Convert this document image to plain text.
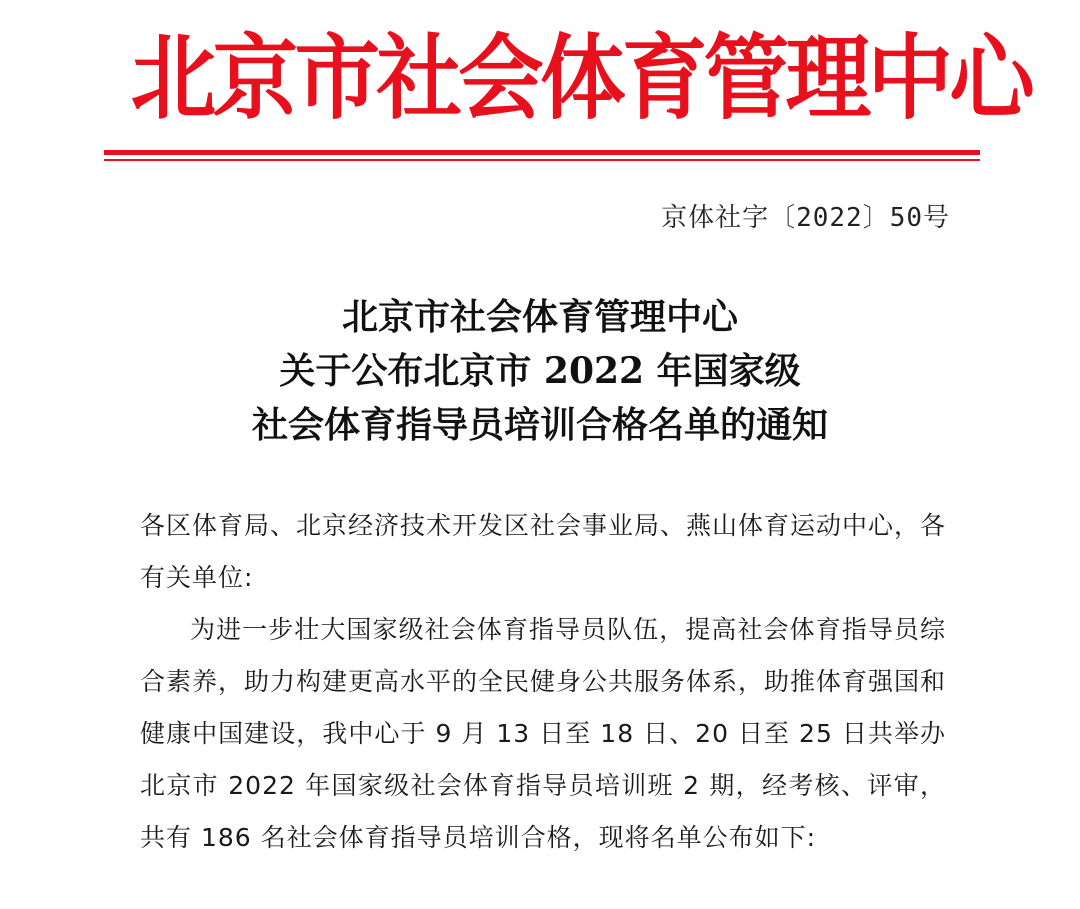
北京市社会体育管理中心
京体社字〔2022〕50号
北京市社会体育管理中心
关于公布北京市 2022 年国家级
社会体育指导员培训合格名单的通知

各区体育局、北京经济技术开发区社会事业局、燕山体育运动中心，各有关单位:

为进一步壮大国家级社会体育指导员队伍，提高社会体育指导员综合素养，助力构建更高水平的全民健身公共服务体系，助推体育强国和健康中国建设，我中心于 9 月 13 日至 18 日、20 日至 25 日共举办北京市 2022 年国家级社会体育指导员培训班 2 期，经考核、评审，共有 186 名社会体育指导员培训合格，现将名单公布如下:
